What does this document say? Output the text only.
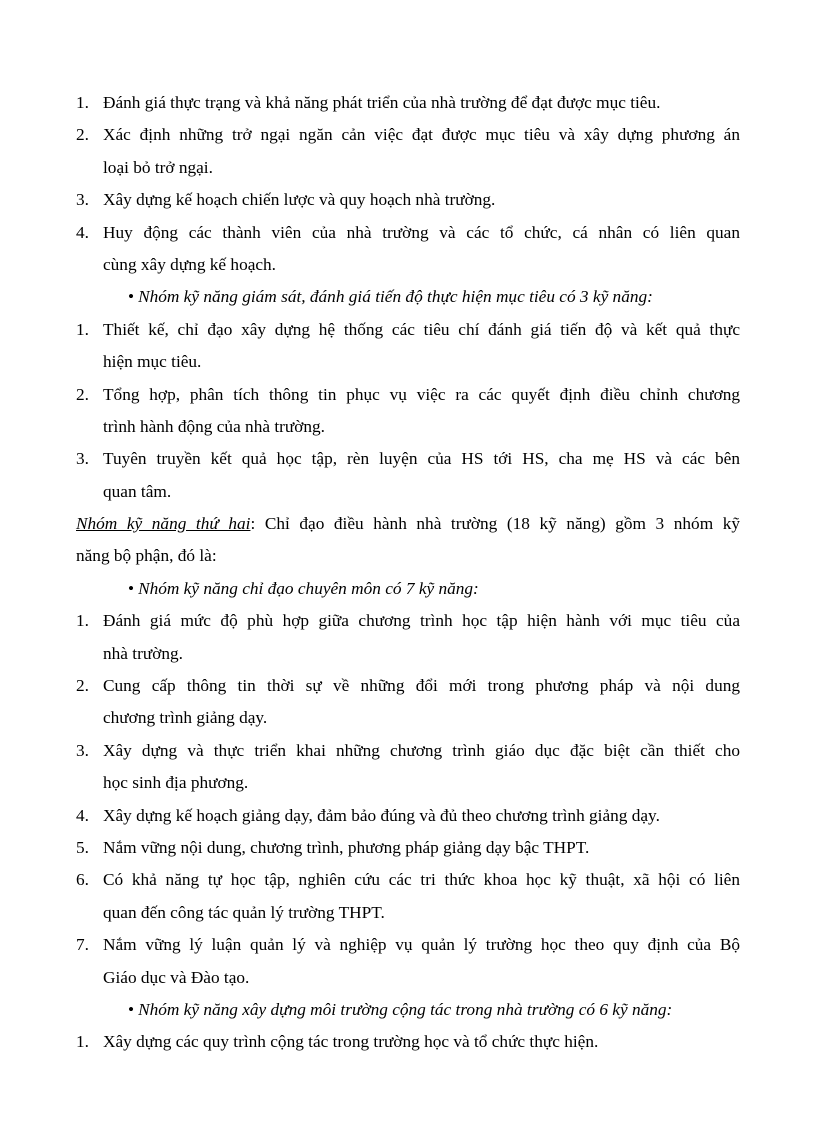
1. Đánh giá thực trạng và khả năng phát triển của nhà trường để đạt được mục tiêu.
2. Xác định những trở ngại ngăn cản việc đạt được mục tiêu và xây dựng phương án
loại bỏ trở ngại.
3. Xây dựng kế hoạch chiến lược và quy hoạch nhà trường.
4. Huy động các thành viên của nhà trường và các tổ chức, cá nhân có liên quan
cùng xây dựng kế hoạch.
• Nhóm kỹ năng giám sát, đánh giá tiến độ thực hiện mục tiêu có 3 kỹ năng:
1. Thiết kế, chỉ đạo xây dựng hệ thống các tiêu chí đánh giá tiến độ và kết quả thực
hiện mục tiêu.
2. Tổng hợp, phân tích thông tin phục vụ việc ra các quyết định điều chỉnh chương
trình hành động của nhà trường.
3. Tuyên truyền kết quả học tập, rèn luyện của HS tới HS, cha mẹ HS và các bên
quan tâm.
Nhóm kỹ năng thứ hai: Chỉ đạo điều hành nhà trường (18 kỹ năng) gồm 3 nhóm kỹ
năng bộ phận, đó là:
• Nhóm kỹ năng chỉ đạo chuyên môn có 7 kỹ năng:
1. Đánh giá mức độ phù hợp giữa chương trình học tập hiện hành với mục tiêu của
nhà trường.
2. Cung cấp thông tin thời sự về những đổi mới trong phương pháp và nội dung
chương trình giảng dạy.
3. Xây dựng và thực triển khai những chương trình giáo dục đặc biệt cần thiết cho
học sinh địa phương.
4. Xây dựng kế hoạch giảng dạy, đảm bảo đúng và đủ theo chương trình giảng dạy.
5. Nắm vững nội dung, chương trình, phương pháp giảng dạy bậc THPT.
6. Có khả năng tự học tập, nghiên cứu các tri thức khoa học kỹ thuật, xã hội có liên
quan đến công tác quản lý trường THPT.
7. Nắm vững lý luận quản lý và nghiệp vụ quản lý trường học theo quy định của Bộ
Giáo dục và Đào tạo.
• Nhóm kỹ năng xây dựng môi trường cộng tác trong nhà trường có 6 kỹ năng:
1. Xây dựng các quy trình cộng tác trong trường học và tổ chức thực hiện.
